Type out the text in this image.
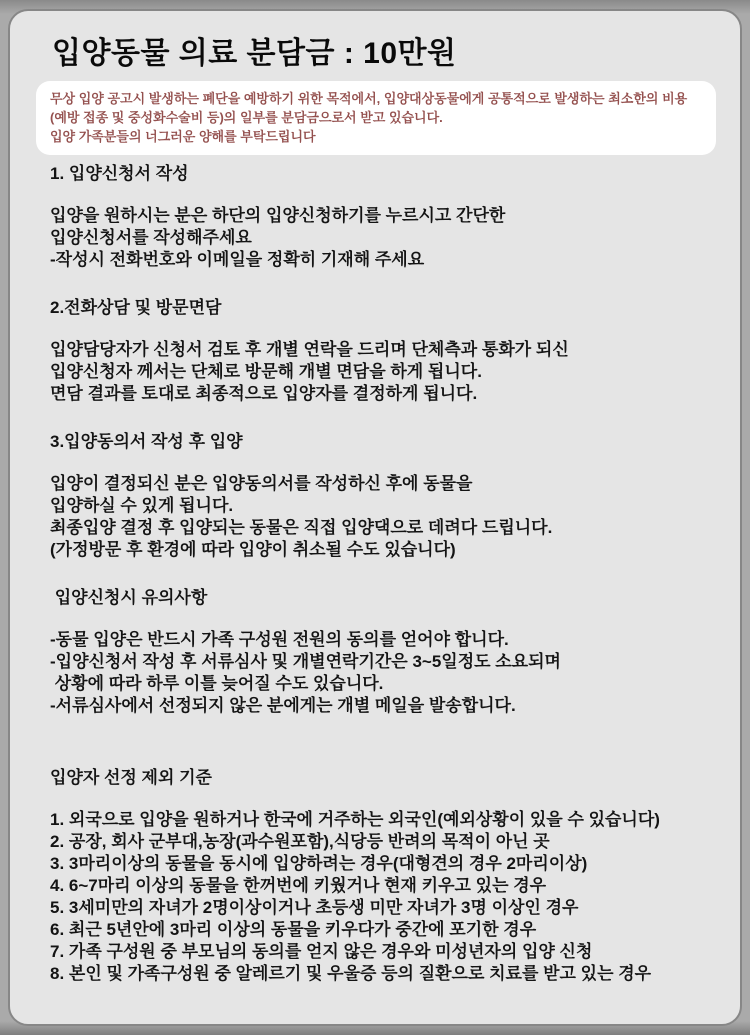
입양동물 의료 분담금 : 10만원
무상 입양 공고시 발생하는 폐단을 예방하기 위한 목적에서, 입양대상동물에게 공통적으로 발생하는 최소한의 비용
(예방 접종 및 중성화수술비 등)의 일부를 분담금으로서 받고 있습니다.
입양 가족분들의 너그러운 양해를 부탁드립니다
1. 입양신청서 작성
입양을 원하시는 분은 하단의 입양신청하기를 누르시고 간단한
입양신청서를 작성해주세요
-작성시 전화번호와 이메일을 정확히 기재해 주세요
2.전화상담 및 방문면담
입양담당자가 신청서 검토 후 개별 연락을 드리며 단체측과 통화가 되신
입양신청자 께서는 단체로 방문해 개별 면담을 하게 됩니다.
면담 결과를 토대로 최종적으로 입양자를 결정하게 됩니다.
3.입양동의서 작성 후 입양
입양이 결정되신 분은 입양동의서를 작성하신 후에 동물을
입양하실 수 있게 됩니다.
최종입양 결정 후 입양되는 동물은 직접 입양댁으로 데려다 드립니다.
(가정방문 후 환경에 따라 입양이 취소될 수도 있습니다)
입양신청시 유의사항
-동물 입양은 반드시 가족 구성원 전원의 동의를 얻어야 합니다.
-입양신청서 작성 후 서류심사 및 개별연락기간은 3~5일정도 소요되며
상황에 따라 하루 이틀 늦어질 수도 있습니다.
-서류심사에서 선정되지 않은 분에게는 개별 메일을 발송합니다.
입양자 선정 제외 기준
1. 외국으로 입양을 원하거나 한국에 거주하는 외국인(예외상황이 있을 수 있습니다)
2. 공장, 회사 군부대,농장(과수원포함),식당등 반려의 목적이 아닌 곳
3. 3마리이상의 동물을 동시에 입양하려는 경우(대형견의 경우 2마리이상)
4. 6~7마리 이상의 동물을 한꺼번에 키웠거나 현재 키우고 있는 경우
5. 3세미만의 자녀가 2명이상이거나 초등생 미만 자녀가 3명 이상인 경우
6. 최근 5년안에 3마리 이상의 동물을 키우다가 중간에 포기한 경우
7. 가족 구성원 중 부모님의 동의를 얻지 않은 경우와 미성년자의 입양 신청
8. 본인 및 가족구성원 중 알레르기 및 우울증 등의 질환으로 치료를 받고 있는 경우
